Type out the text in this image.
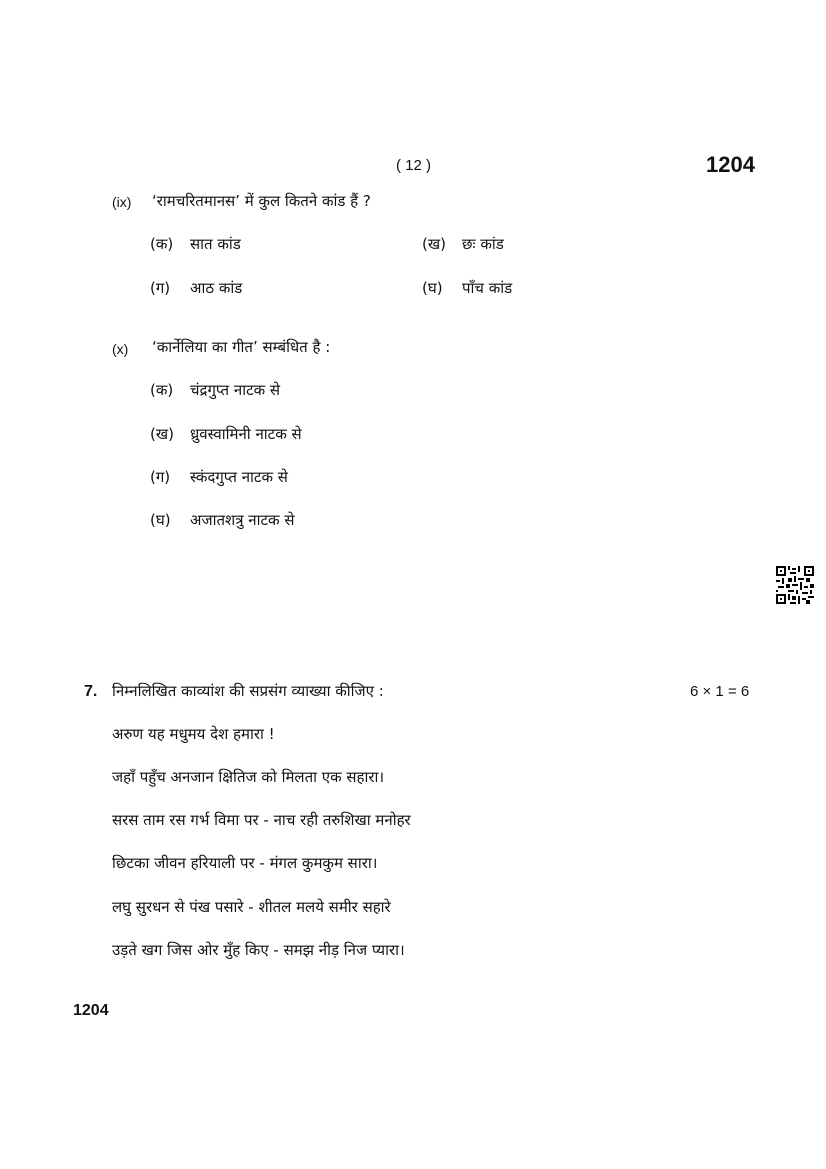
( 12 )	1204
(ix) ‘रामचरितमानस’ में कुल कितने कांड हैं ?
(क) सात कांड	(ख) छः कांड
(ग) आठ कांड	(घ) पाँच कांड
(x) ‘कार्नेलिया का गीत’ सम्बंधित है :
(क) चंद्रगुप्त नाटक से
(ख) ध्रुवस्वामिनी नाटक से
(ग) स्कंदगुप्त नाटक से
(घ) अजातशत्रु नाटक से
7. निम्नलिखित काव्यांश की सप्रसंग व्याख्या कीजिए :	6 × 1 = 6
अरुण यह मधुमय देश हमारा !
जहाँ पहुँच अनजान क्षितिज को मिलता एक सहारा।
सरस ताम रस गर्भ विमा पर - नाच रही तरुशिखा मनोहर
छिटका जीवन हरियाली पर - मंगल कुमकुम सारा।
लघु सुरधन से पंख पसारे - शीतल मलये समीर सहारे
उड़ते खग जिस ओर मुँह किए - समझ नीड़ निज प्यारा।
1204
